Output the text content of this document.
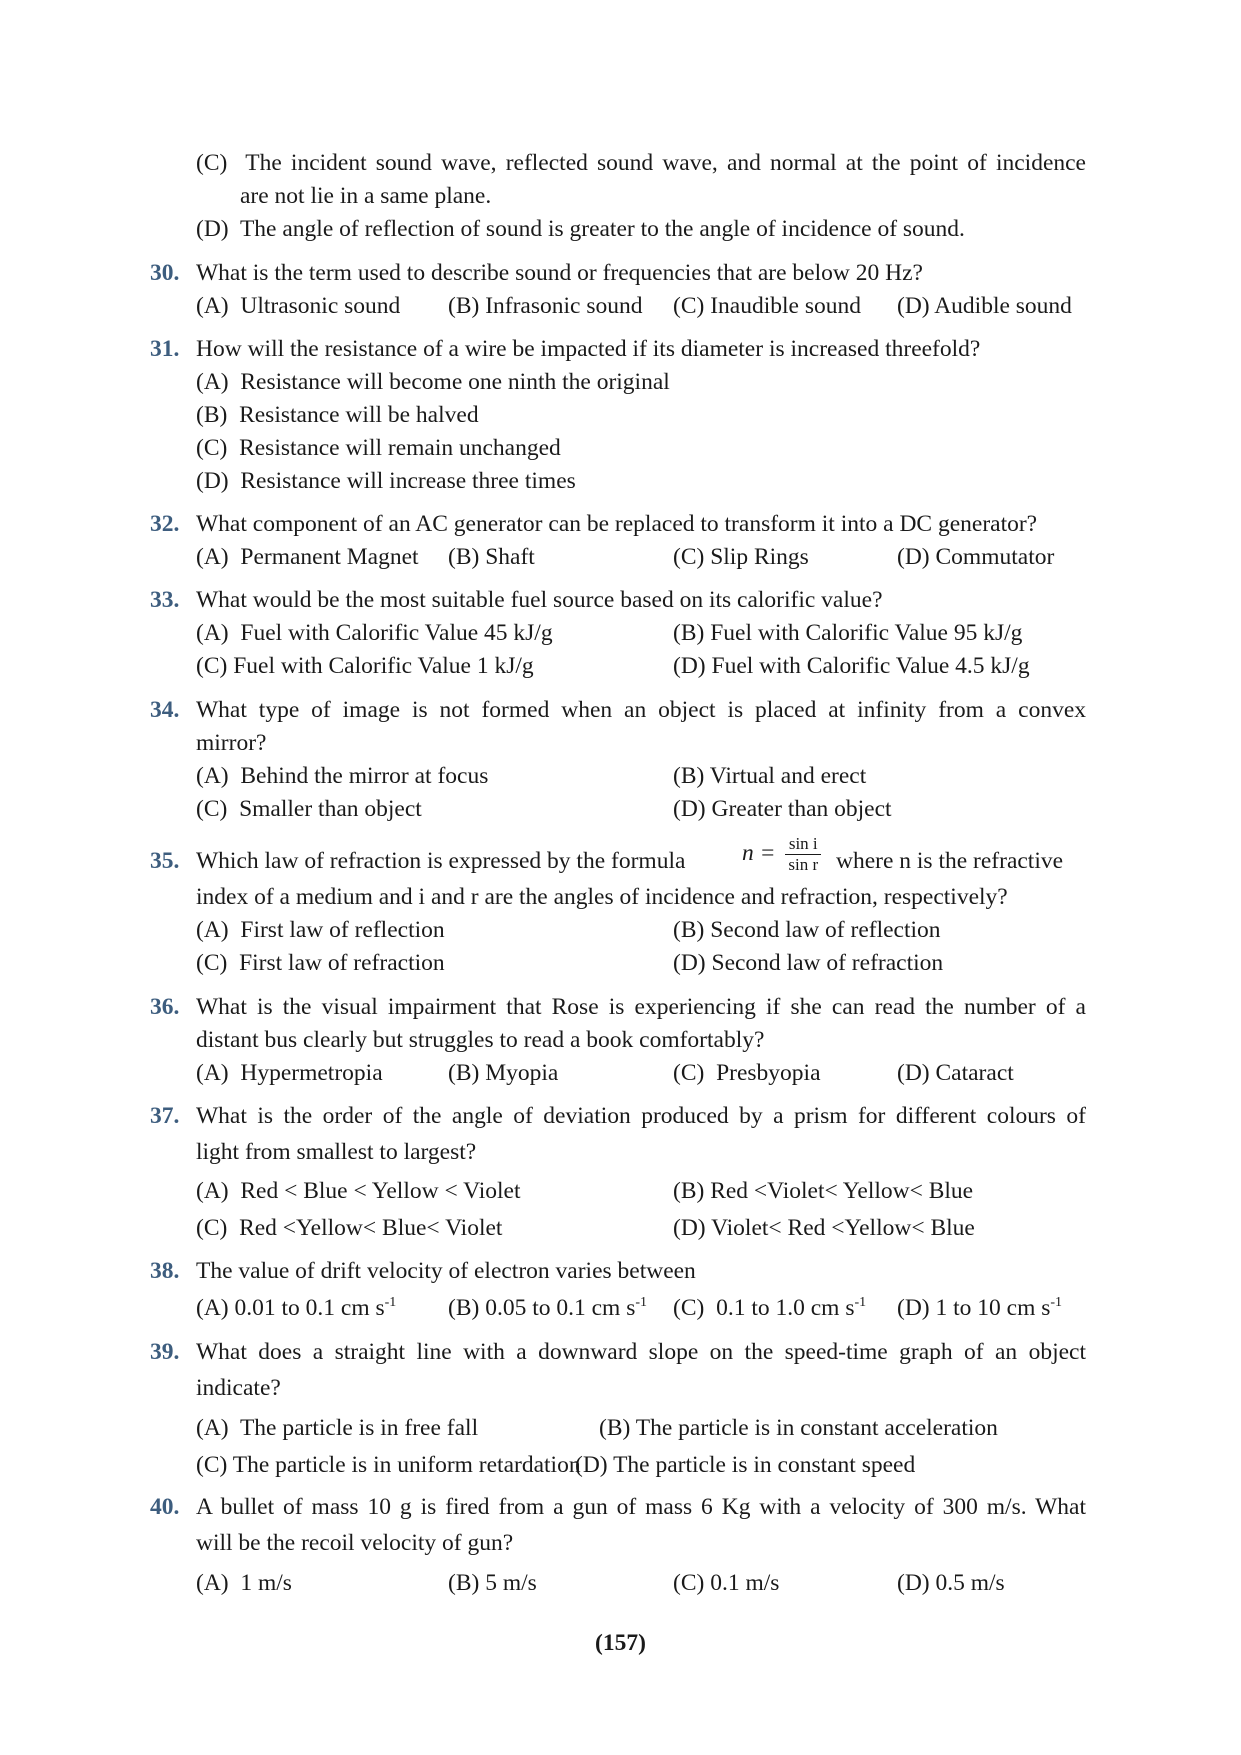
(C)  The incident sound wave, reflected sound wave, and normal at the point of incidence
are not lie in a same plane.
(D)  The angle of reflection of sound is greater to the angle of incidence of sound.
30. What is the term used to describe sound or frequencies that are below 20 Hz?
(A)  Ultrasonic sound (B) Infrasonic sound (C) Inaudible sound (D) Audible sound
31. How will the resistance of a wire be impacted if its diameter is increased threefold?
(A)  Resistance will become one ninth the original
(B)  Resistance will be halved
(C)  Resistance will remain unchanged
(D)  Resistance will increase three times
32. What component of an AC generator can be replaced to transform it into a DC generator?
(A)  Permanent Magnet (B) Shaft	(C) Slip Rings	(D) Commutator
33. What would be the most suitable fuel source based on its calorific value?
(A)  Fuel with Calorific Value 45 kJ/g	(B) Fuel with Calorific Value 95 kJ/g
(C) Fuel with Calorific Value 1 kJ/g	(D) Fuel with Calorific Value 4.5 kJ/g
34. What type of image is not formed when an object is placed at infinity from a convex
mirror?
(A)  Behind the mirror at focus	(B) Virtual and erect
(C)  Smaller than object	(D) Greater than object
35. Which law of refraction is expressed by the formula $n = \frac{\text{sin i}}{\text{sin r}}$ where n is the refractive
index of a medium and i and r are the angles of incidence and refraction, respectively?
(A)  First law of reflection	(B) Second law of reflection
(C)  First law of refraction	(D) Second law of refraction
36. What is the visual impairment that Rose is experiencing if she can read the number of a
distant bus clearly but struggles to read a book comfortably?
(A)  Hypermetropia	(B) Myopia	(C)  Presbyopia	(D) Cataract
37. What is the order of the angle of deviation produced by a prism for different colours of
light from smallest to largest?
(A)  Red < Blue < Yellow < Violet	(B) Red <Violet< Yellow< Blue
(C)  Red <Yellow< Blue< Violet	(D) Violet< Red <Yellow< Blue
38. The value of drift velocity of electron varies between
(A) 0.01 to 0.1 cm $s^{-1}$ (B) 0.05 to 0.1 cm $s^{-1}$ (C)  0.1 to 1.0 cm $s^{-1}$ (D) 1 to 10 cm $s^{-1}$
39. What does a straight line with a downward slope on the speed-time graph of an object
indicate?
(A)  The particle is in free fall	(B) The particle is in constant acceleration
(C) The particle is in uniform retardation
(D) The particle is in constant speed
40. A bullet of mass 10 g is fired from a gun of mass 6 Kg with a velocity of 300 m/s. What
will be the recoil velocity of gun?
(A)  1 m/s	(B) 5 m/s	(C) 0.1 m/s	(D) 0.5 m/s
(157)
